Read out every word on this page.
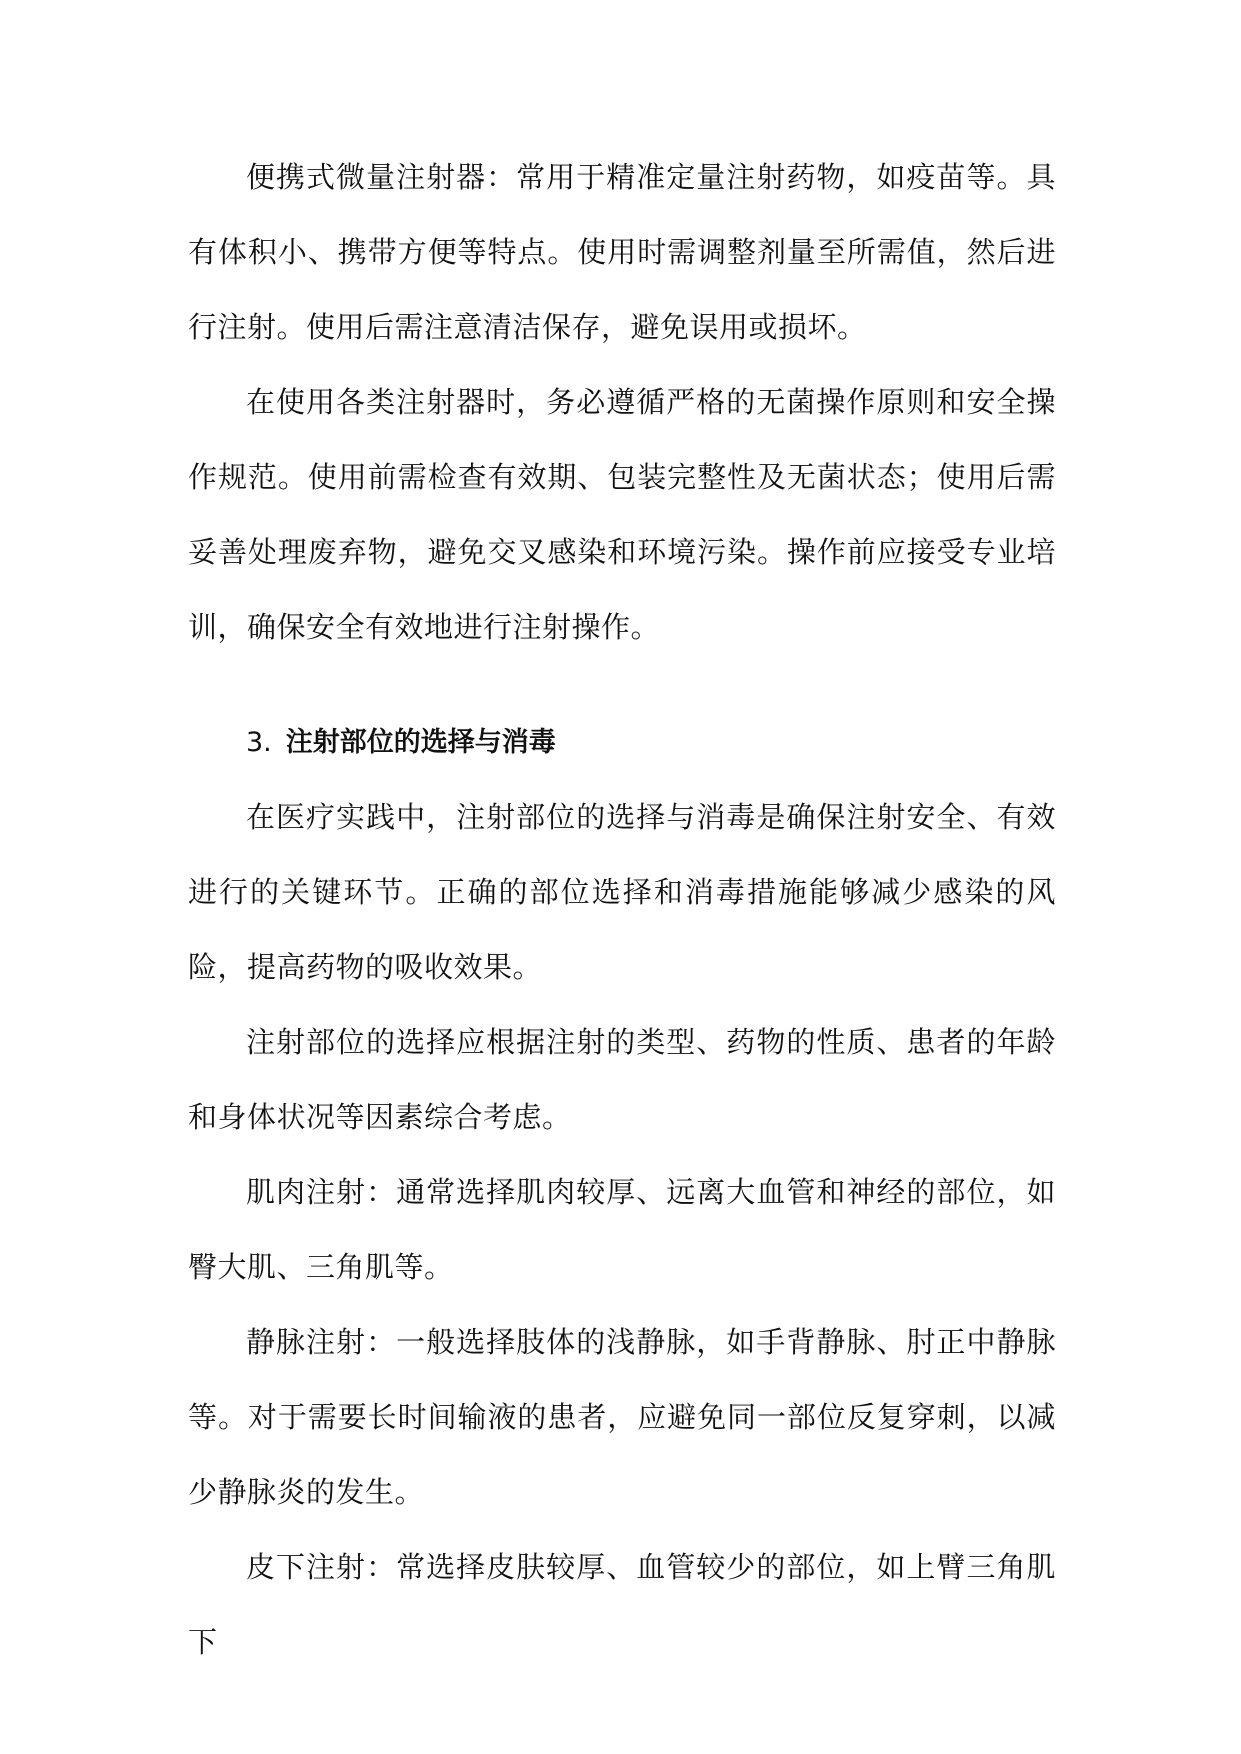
便携式微量注射器：常用于精准定量注射药物，如疫苗等。具有体积小、携带方便等特点。使用时需调整剂量至所需值，然后进行注射。使用后需注意清洁保存，避免误用或损坏。

在使用各类注射器时，务必遵循严格的无菌操作原则和安全操作规范。使用前需检查有效期、包装完整性及无菌状态；使用后需妥善处理废弃物，避免交叉感染和环境污染。操作前应接受专业培训，确保安全有效地进行注射操作。

3. 注射部位的选择与消毒

在医疗实践中，注射部位的选择与消毒是确保注射安全、有效进行的关键环节。正确的部位选择和消毒措施能够减少感染的风险，提高药物的吸收效果。

注射部位的选择应根据注射的类型、药物的性质、患者的年龄和身体状况等因素综合考虑。

肌肉注射：通常选择肌肉较厚、远离大血管和神经的部位，如臀大肌、三角肌等。

静脉注射：一般选择肢体的浅静脉，如手背静脉、肘正中静脉等。对于需要长时间输液的患者，应避免同一部位反复穿刺，以减少静脉炎的发生。

皮下注射：常选择皮肤较厚、血管较少的部位，如上臂三角肌下
